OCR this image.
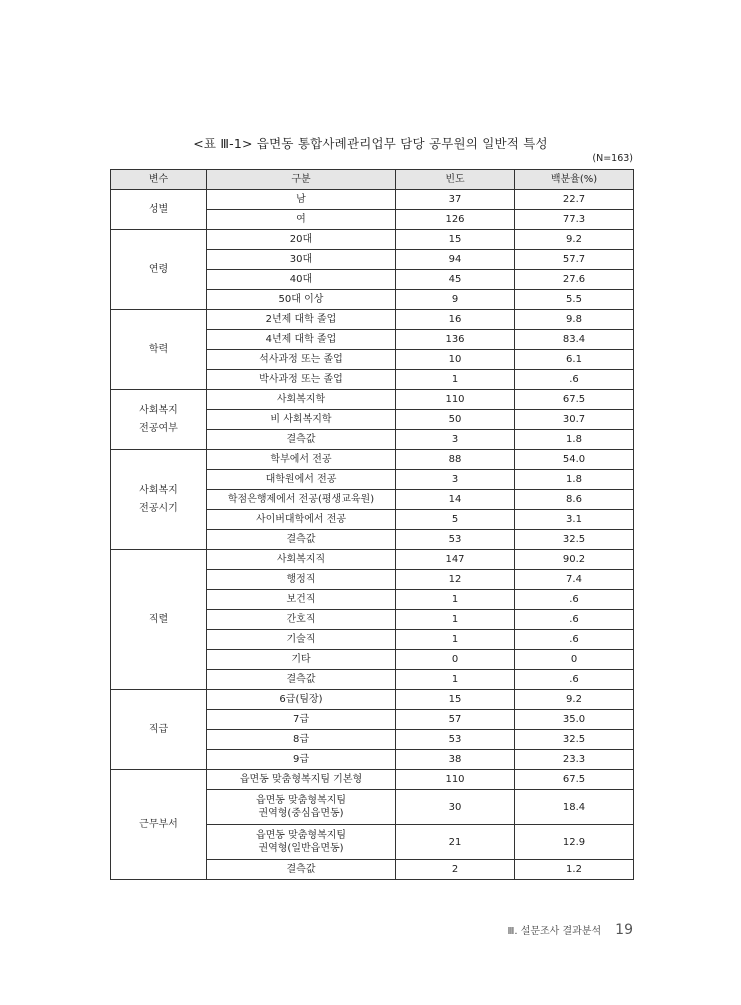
<표 Ⅲ-1> 읍면동 통합사례관리업무 담당 공무원의 일반적 특성
(N=163)
변수	구분	빈도	백분율(%)
성별	남	37	22.7
	여	126	77.3
연령	20대	15	9.2
	30대	94	57.7
	40대	45	27.6
	50대 이상	9	5.5
학력	2년제 대학 졸업	16	9.8
	4년제 대학 졸업	136	83.4
	석사과정 또는 졸업	10	6.1
	박사과정 또는 졸업	1	.6
사회복지
전공여부	사회복지학	110	67.5
	비 사회복지학	50	30.7
	결측값	3	1.8
사회복지
전공시기	학부에서 전공	88	54.0
	대학원에서 전공	3	1.8
	학점은행제에서 전공(평생교육원)	14	8.6
	사이버대학에서 전공	5	3.1
	결측값	53	32.5
직렬	사회복지직	147	90.2
	행정직	12	7.4
	보건직	1	.6
	간호직	1	.6
	기술직	1	.6
	기타	0	0
	결측값	1	.6
직급	6급(팀장)	15	9.2
	7급	57	35.0
	8급	53	32.5
	9급	38	23.3
근무부서	읍면동 맞춤형복지팀 기본형	110	67.5
	읍면동 맞춤형복지팀
권역형(중심읍면동)	30	18.4
	읍면동 맞춤형복지팀
권역형(일반읍면동)	21	12.9
	결측값	2	1.2
Ⅲ. 설문조사 결과분석 19
